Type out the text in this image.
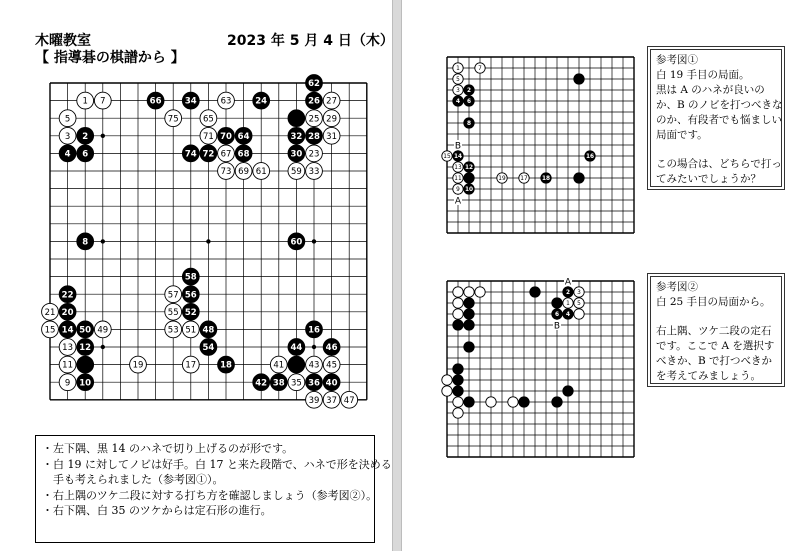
木曜教室	2023 年 5 月 4 日（木）
【 指導碁の棋譜から 】
1 7	66	34	63	24
62
26 27
5	75	65	25 29
3 2	71 70 64	32 28 31
4 6	74 72 67 68	30 23
73 69 61	59 33
8	60
58
22	57 56
21 20	55 52
15 14 50 49	53 51 48	16
13 12	54	44	46
11	19	17	18	41	43 45
9 10	42 38 35 36 40
39 37 47
・左下隅、黒 14 のハネで切り上げるのが形です。
・白 19 に対してノビは好手。白 17 と来た段階で、ハネで形を決める
　手も考えられました（参考図①）。
・右上隅のツケ二段に対する打ち方を確認しましょう（参考図②）。
・右下隅、白 35 のツケからは定石形の進行。
1	7
5
3 2
4 6
8
15 14
13 12
11	19	17 18
16
9 10
B
A
2 3
1 5
6 4
A
B
参考図①
白 19 手目の局面。
黒は A のハネが良いの
か、B のノビを打つべきな
のか、有段者でも悩ましい
局面です。
この場合は、どちらで打っ
てみたいでしょうか？
参考図②
白 25 手目の局面から。
右上隅、ツケ二段の定石
です。ここで A を選択す
べきか、B で打つべきか
を考えてみましょう。
